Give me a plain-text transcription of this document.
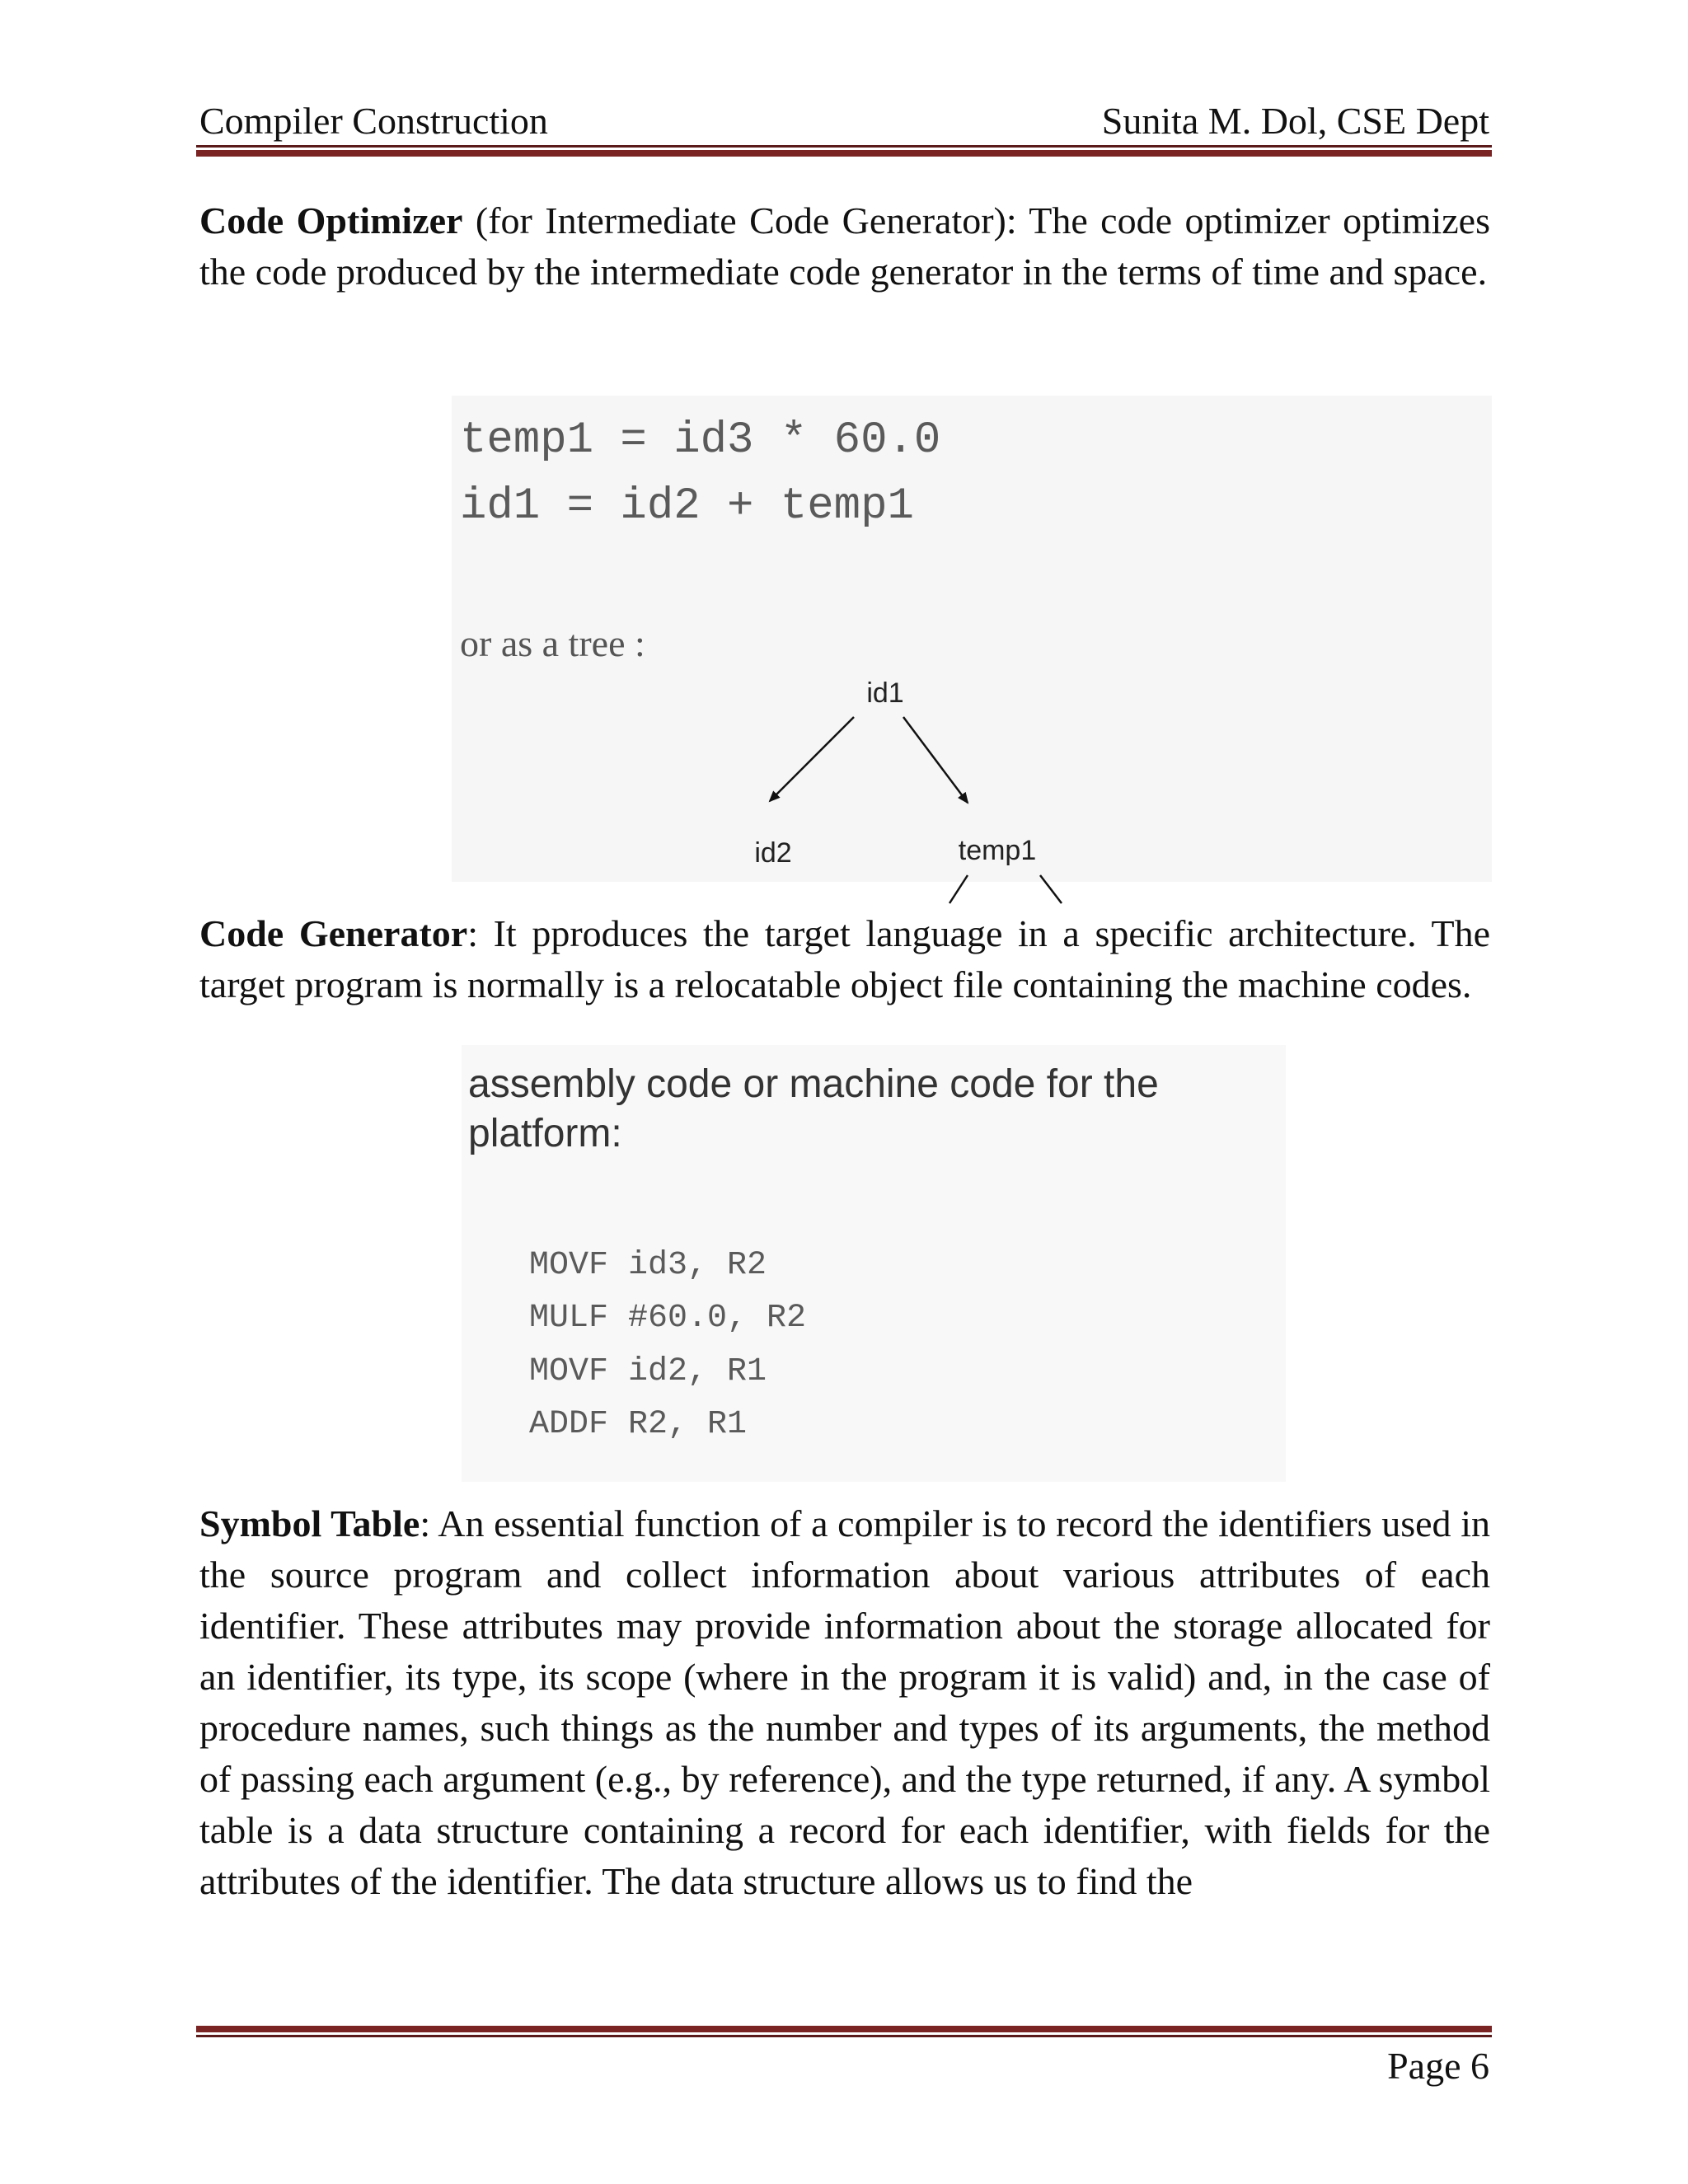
Compiler Construction	Sunita M. Dol, CSE Dept

Code Optimizer (for Intermediate Code Generator): The code optimizer optimizes the code produced by the intermediate code generator in the terms of time and space.

temp1 = id3 * 60.0
id1 = id2 + temp1
or as a tree :
id1
id2	temp1

Code Generator: It pproduces the target language in a specific architecture. The target program is normally is a relocatable object file containing the machine codes.

assembly code or machine code for the
platform:
MOVF id3, R2
MULF #60.0, R2
MOVF id2, R1
ADDF R2, R1

Symbol Table: An essential function of a compiler is to record the identifiers used in the source program and collect information about various attributes of each identifier. These attributes may provide information about the storage allocated for an identifier, its type, its scope (where in the program it is valid) and, in the case of procedure names, such things as the number and types of its arguments, the method of passing each argument (e.g., by reference), and the type returned, if any. A symbol table is a data structure containing a record for each identifier, with fields for the attributes of the identifier. The data structure allows us to find the

Page 6
